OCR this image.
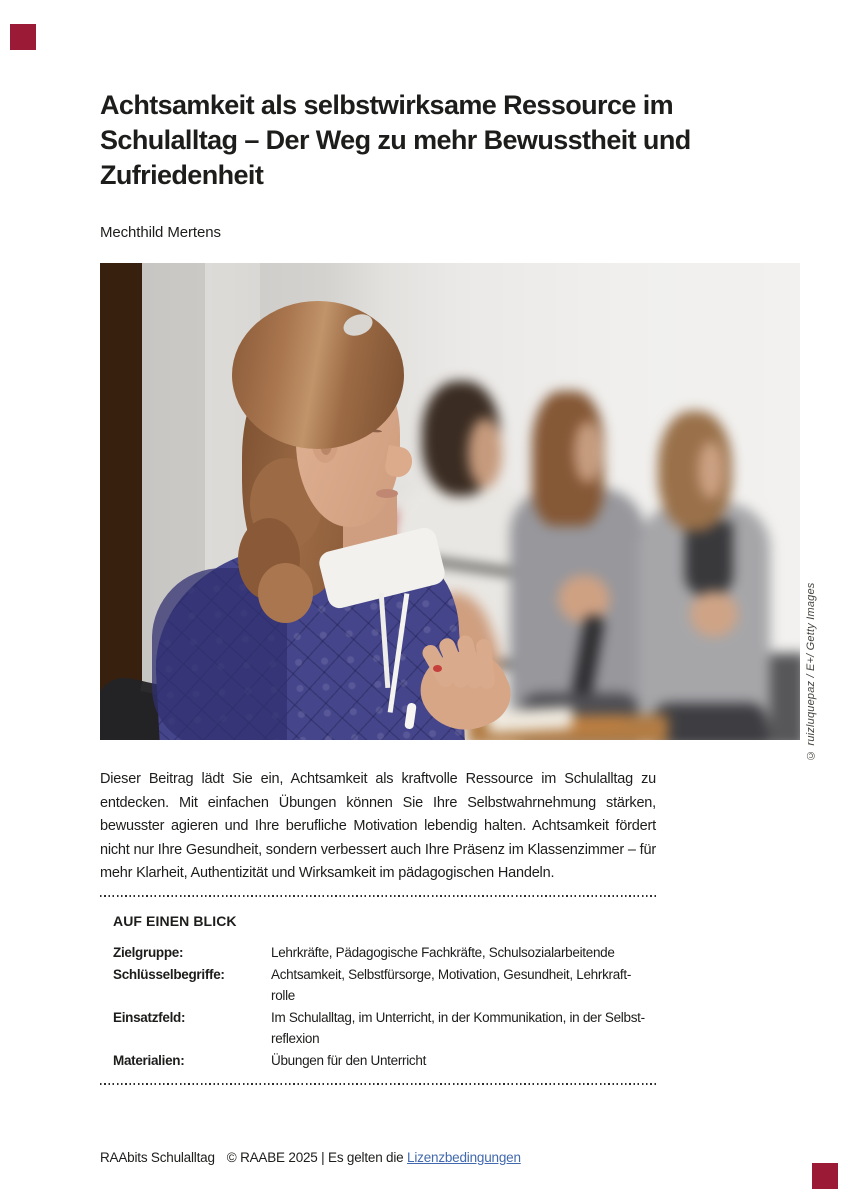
Achtsamkeit als selbstwirksame Ressource im
Schulalltag – Der Weg zu mehr Bewusstheit und
Zufriedenheit
Mechthild Mertens
© ruizluquepaz / E+/ Getty Images

Dieser Beitrag lädt Sie ein, Achtsamkeit als kraftvolle Ressource im Schulalltag zu entdecken. Mit einfachen Übungen können Sie Ihre Selbstwahrnehmung stärken, bewusster agieren und Ihre berufliche Motivation lebendig halten. Achtsamkeit fördert nicht nur Ihre Gesundheit, sondern verbessert auch Ihre Präsenz im Klassenzimmer – für mehr Klarheit, Authentizität und Wirksamkeit im pädagogischen Handeln.

AUF EINEN BLICK
Zielgruppe:	Lehrkräfte, Pädagogische Fachkräfte, Schulsozialarbeitende
Schlüsselbegriffe:	Achtsamkeit, Selbstfürsorge, Motivation, Gesundheit, Lehrkraft-
rolle
Einsatzfeld:	Im Schulalltag, im Unterricht, in der Kommunikation, in der Selbst-
reflexion
Materialien:	Übungen für den Unterricht
RAAbits Schulalltag © RAABE 2025 | Es gelten die Lizenzbedingungen
